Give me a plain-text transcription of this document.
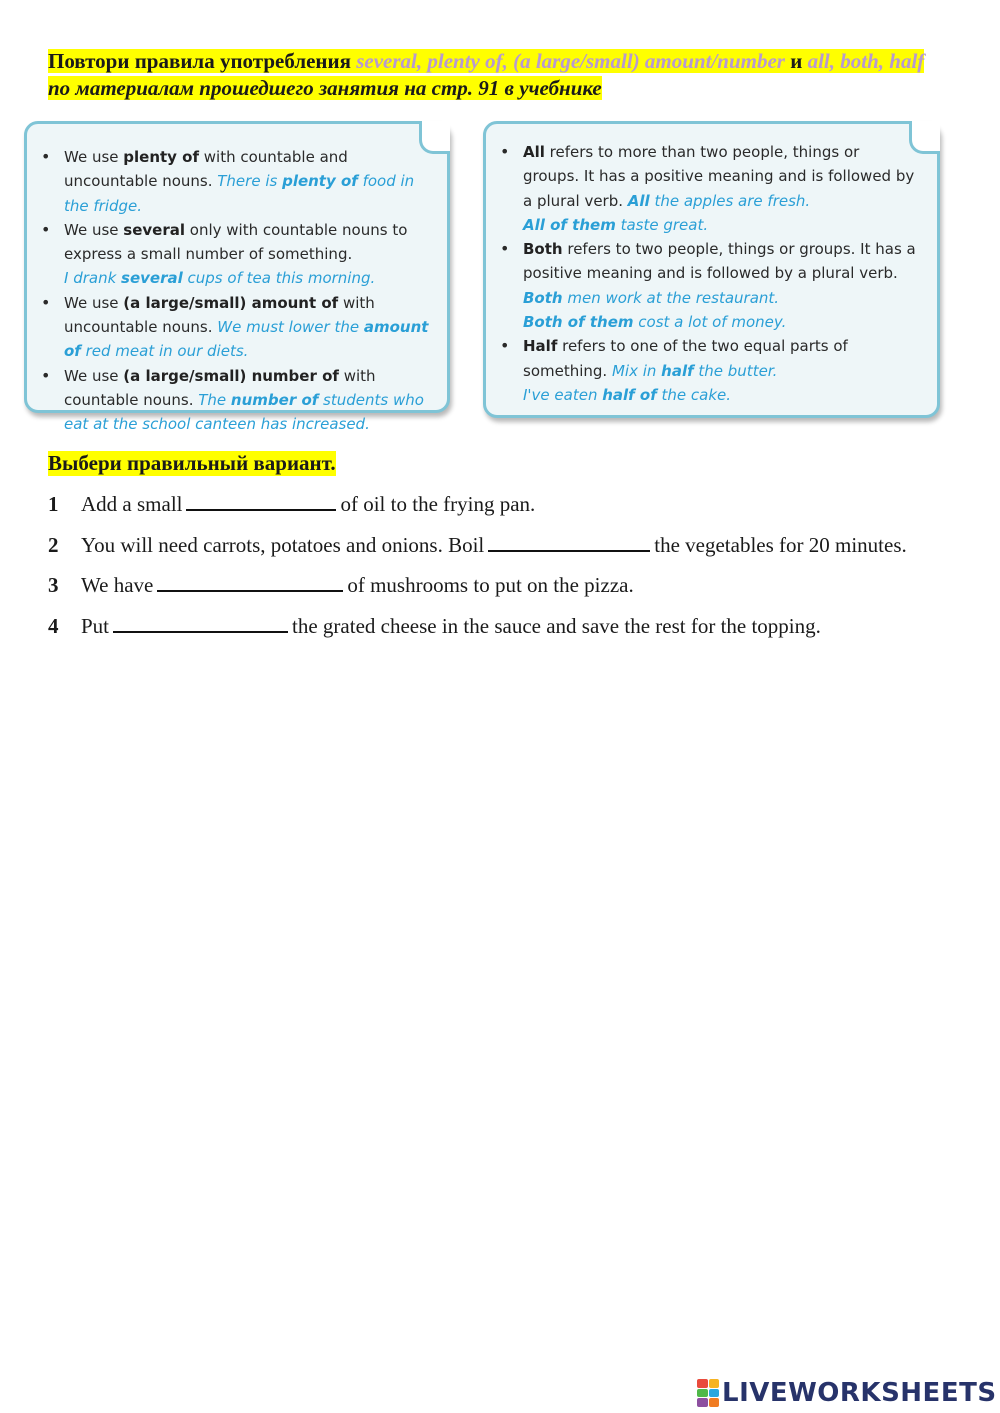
Повтори правила употребления several, plenty of, (a large/small) amount/number и all, both, half по материалам прошедшего занятия на стр. 91 в учебнике
• We use plenty of with countable and uncountable nouns. There is plenty of food in the fridge.
• We use several only with countable nouns to express a small number of something.
I drank several cups of tea this morning.
• We use (a large/small) amount of with uncountable nouns. We must lower the amount of red meat in our diets.
• We use (a large/small) number of with countable nouns. The number of students who eat at the school canteen has increased.
• All refers to more than two people, things or groups. It has a positive meaning and is followed by a plural verb. All the apples are fresh.
All of them taste great.
• Both refers to two people, things or groups. It has a positive meaning and is followed by a plural verb. Both men work at the restaurant.
Both of them cost a lot of money.
• Half refers to one of the two equal parts of something. Mix in half the butter.
I've eaten half of the cake.
Выбери правильный вариант.
1	Add a small	of oil to the frying pan.
2	You will need carrots, potatoes and onions. Boil	the vegetables for 20 minutes.
3	We have	of mushrooms to put on the pizza.
4	Put	the grated cheese in the sauce and save the rest for the topping.
LIVEWORKSHEETS
